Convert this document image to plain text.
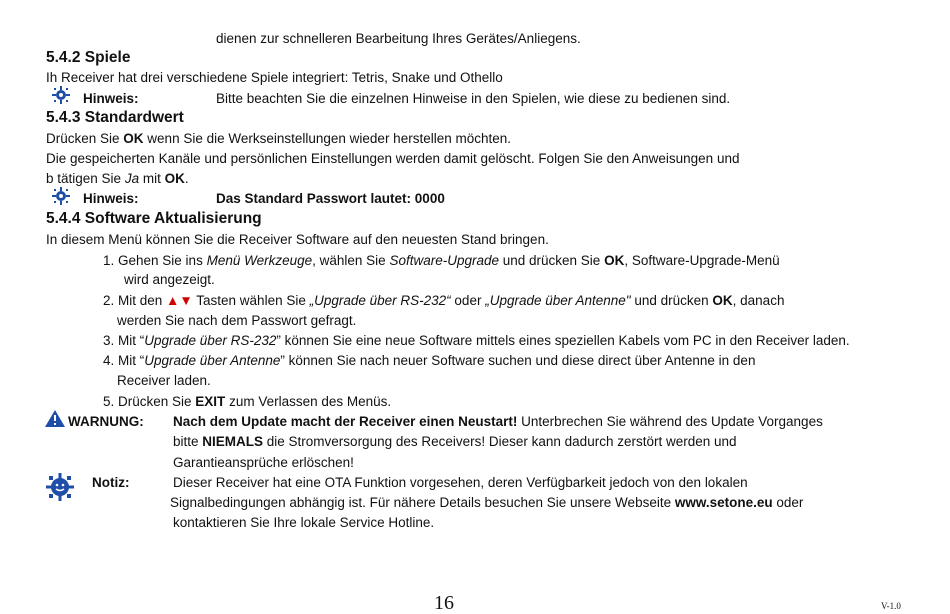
dienen zur schnelleren Bearbeitung Ihres Gerätes/Anliegens.
5.4.2 Spiele
Ih Receiver hat drei verschiedene Spiele integriert: Tetris, Snake und Othello
Hinweis:	Bitte beachten Sie die einzelnen Hinweise in den Spielen, wie diese zu bedienen sind.
5.4.3 Standardwert
Drücken Sie OK wenn Sie die Werkseinstellungen wieder herstellen möchten.
Die gespeicherten Kanäle und persönlichen Einstellungen werden damit gelöscht. Folgen Sie den Anweisungen und
b tätigen Sie Ja mit OK.
Hinweis:	Das Standard Passwort lautet: 0000
5.4.4 Software Aktualisierung
In diesem Menü können Sie die Receiver Software auf den neuesten Stand bringen.
1. Gehen Sie ins Menü Werkzeuge, wählen Sie Software-Upgrade und drücken Sie OK, Software-Upgrade-Menü
wird angezeigt.
2. Mit den ▲▼ Tasten wählen Sie „Upgrade über RS-232“ oder „Upgrade über Antenne" und drücken OK, danach
werden Sie nach dem Passwort gefragt.
3. Mit “Upgrade über RS-232” können Sie eine neue Software mittels eines speziellen Kabels vom PC in den Receiver laden.
4. Mit “Upgrade über Antenne” können Sie nach neuer Software suchen und diese direct über Antenne in den
Receiver laden.
5. Drücken Sie EXIT zum Verlassen des Menüs.
WARNUNG: Nach dem Update macht der Receiver einen Neustart! Unterbrechen Sie während des Update Vorganges
bitte NIEMALS die Stromversorgung des Receivers! Dieser kann dadurch zerstört werden und
Garantieansprüche erlöschen!
Notiz:	Dieser Receiver hat eine OTA Funktion vorgesehen, deren Verfügbarkeit jedoch von den lokalen
Signalbedingungen abhängig ist. Für nähere Details besuchen Sie unsere Webseite www.setone.eu oder
kontaktieren Sie Ihre lokale Service Hotline.
16	V-1.0
